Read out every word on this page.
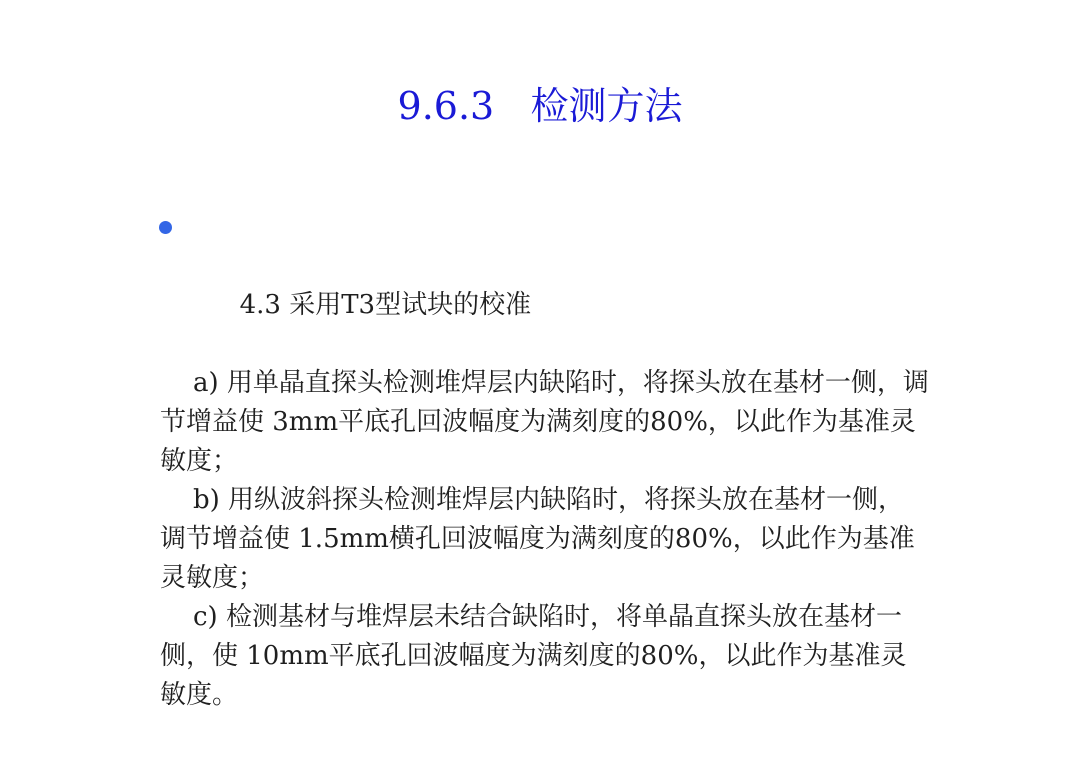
9.6.3   检测方法

4.3 采用T3型试块的校准

a) 用单晶直探头检测堆焊层内缺陷时，将探头放在基材一侧，调节增益使 3mm平底孔回波幅度为满刻度的80%，以此作为基准灵敏度；
b) 用纵波斜探头检测堆焊层内缺陷时，将探头放在基材一侧，调节增益使 1.5mm横孔回波幅度为满刻度的80%，以此作为基准灵敏度；
c) 检测基材与堆焊层未结合缺陷时，将单晶直探头放在基材一侧，使 10mm平底孔回波幅度为满刻度的80%，以此作为基准灵敏度。
